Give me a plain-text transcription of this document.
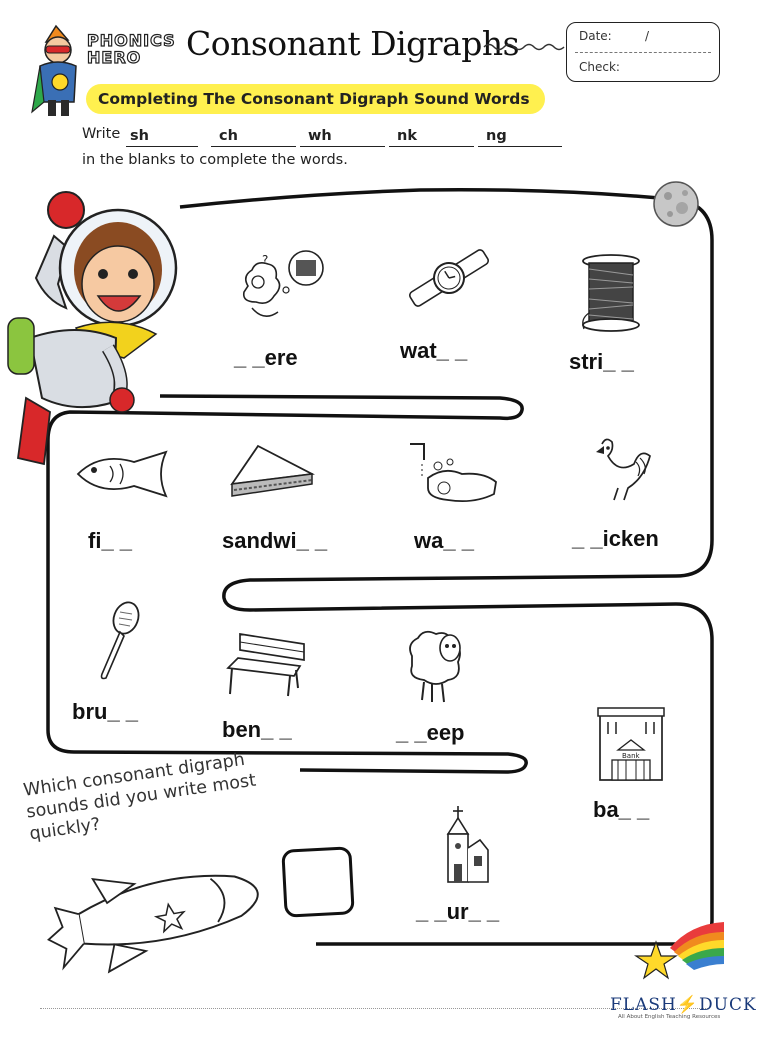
PHONICS
HERO	Consonant Digraphs	Date:	/
Check:
Completing The Consonant Digraph Sound Words
Write sh	ch	wh	nk	ng
in the blanks to complete the words.
?
_ _ere	wat_ _	stri_ _
fi_ _	sandwi_ _	wa_ _	_ _icken
bru_ _
ben_ _	_ _eep
Bank
ba_ _
_ _ur_ _
Which consonant digraph sounds did you write most quickly?
FLASH⚡DUCK
All About English Teaching Resources
